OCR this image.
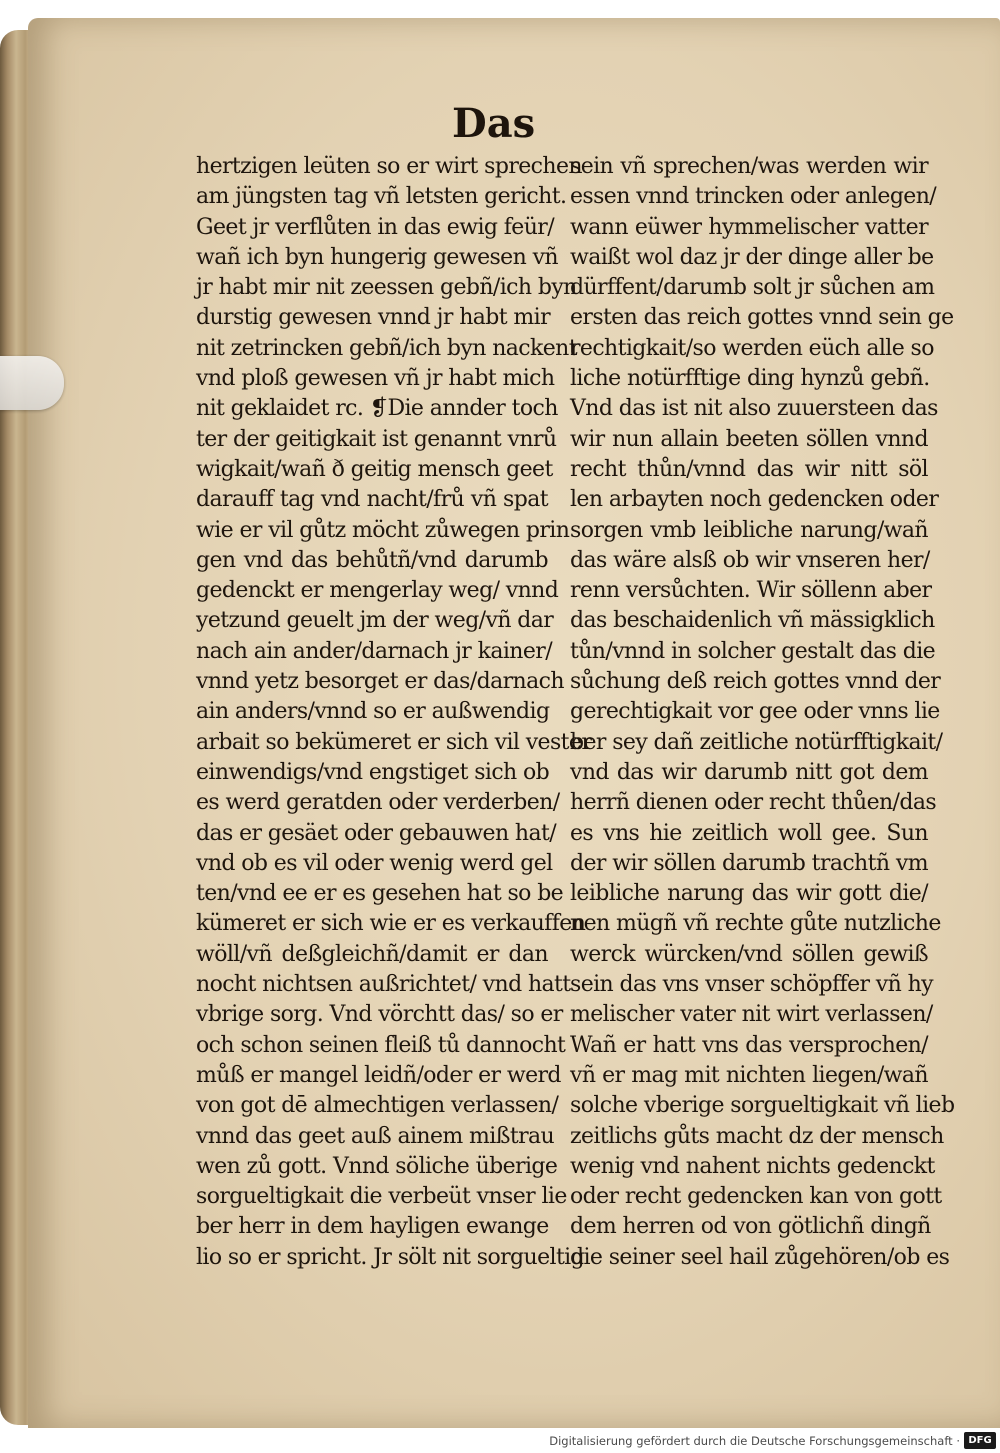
Das
hertzigen leüten so er wirt sprechen
am jüngsten tag vñ letsten gericht.
Geet jr verflůten in das ewig feür/
wañ ich byn hungerig gewesen vñ
jr habt mir nit zeessen gebñ/ich byn
durstig gewesen vnnd jr habt mir
nit zetrincken gebñ/ich byn nackent
vnd ploß gewesen vñ jr habt mich
nit geklaidet rc. ❡Die annder toch
ter der geitigkait ist genannt vnrů
wigkait/wañ ð geitig mensch geet
darauff tag vnd nacht/frů vñ spat
wie er vil gůtz möcht zůwegen prin
gen vnd das behůtñ/vnd darumb
gedenckt er mengerlay weg/ vnnd
yetzund geuelt jm der weg/vñ dar
nach ain ander/darnach jr kainer/
vnnd yetz besorget er das/darnach
ain anders/vnnd so er außwendig
arbait so bekümeret er sich vil vester
einwendigs/vnd engstiget sich ob
es werd geratden oder verderben/
das er gesäet oder gebauwen hat/
vnd ob es vil oder wenig werd gel
ten/vnd ee er es gesehen hat so be
kümeret er sich wie er es verkauffen
wöll/vñ deßgleichñ/damit er dan
nocht nichtsen außrichtet/ vnd hatt
vbrige sorg. Vnd vörchtt das/ so er
och schon seinen fleiß tů dannocht
můß er mangel leidñ/oder er werd
von got dē almechtigen verlassen/
vnnd das geet auß ainem mißtrau
wen zů gott. Vnnd söliche überige
sorgueltigkait die verbeüt vnser lie
ber herr in dem hayligen ewange
lio so er spricht. Jr sölt nit sorgueltig
sein vñ sprechen/was werden wir
essen vnnd trincken oder anlegen/
wann eüwer hymmelischer vatter
waißt wol daz jr der dinge aller be
dürffent/darumb solt jr sůchen am
ersten das reich gottes vnnd sein ge
rechtigkait/so werden eüch alle so
liche notürfftige ding hynzů gebñ.
Vnd das ist nit also zuuersteen das
wir nun allain beeten söllen vnnd
recht thůn/vnnd das wir nitt söl
len arbayten noch gedencken oder
sorgen vmb leibliche narung/wañ
das wäre alsß ob wir vnseren her/
renn versůchten. Wir söllenn aber
das beschaidenlich vñ mässigklich
tůn/vnnd in solcher gestalt das die
sůchung deß reich gottes vnnd der
gerechtigkait vor gee oder vnns lie
ber sey dañ zeitliche notürfftigkait/
vnd das wir darumb nitt got dem
herrñ dienen oder recht thůen/das
es vns hie zeitlich woll gee. Sun
der wir söllen darumb trachtñ vm
leibliche narung das wir gott die/
nen mügñ vñ rechte gůte nutzliche
werck würcken/vnd söllen gewiß
sein das vns vnser schöpffer vñ hy
melischer vater nit wirt verlassen/
Wañ er hatt vns das versprochen/
vñ er mag mit nichten liegen/wañ
solche vberige sorgueltigkait vñ lieb
zeitlichs gůts macht dz der mensch
wenig vnd nahent nichts gedenckt
oder recht gedencken kan von gott
dem herren od von götlichñ dingñ
die seiner seel hail zůgehören/ob es
Digitalisierung gefördert durch die Deutsche Forschungsgemeinschaft · DFG
